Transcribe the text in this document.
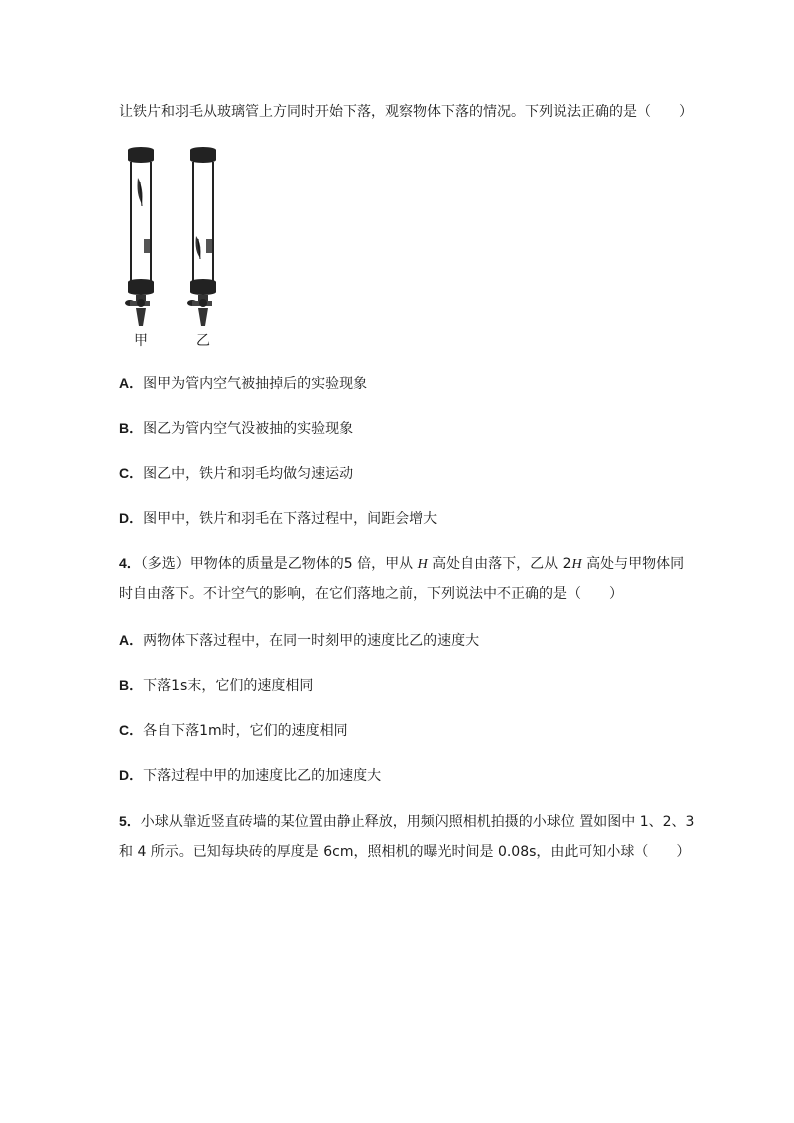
让铁片和羽毛从玻璃管上方同时开始下落，观察物体下落的情况。下列说法正确的是（　　）
甲	乙
A．图甲为管内空气被抽掉后的实验现象
B．图乙为管内空气没被抽的实验现象
C．图乙中，铁片和羽毛均做匀速运动
D．图甲中，铁片和羽毛在下落过程中，间距会增大
4．（多选）甲物体的质量是乙物体的5 倍，甲从 H 高处自由落下，乙从 2H 高处与甲物体同
时自由落下。不计空气的影响，在它们落地之前，下列说法中不正确的是（　　）
A．两物体下落过程中，在同一时刻甲的速度比乙的速度大
B．下落1s末，它们的速度相同
C．各自下落1m时，它们的速度相同
D．下落过程中甲的加速度比乙的加速度大
5．小球从靠近竖直砖墙的某位置由静止释放，用频闪照相机拍摄的小球位 置如图中 1、2、3
和 4 所示。已知每块砖的厚度是 6cm，照相机的曝光时间是 0.08s，由此可知小球（　　）
